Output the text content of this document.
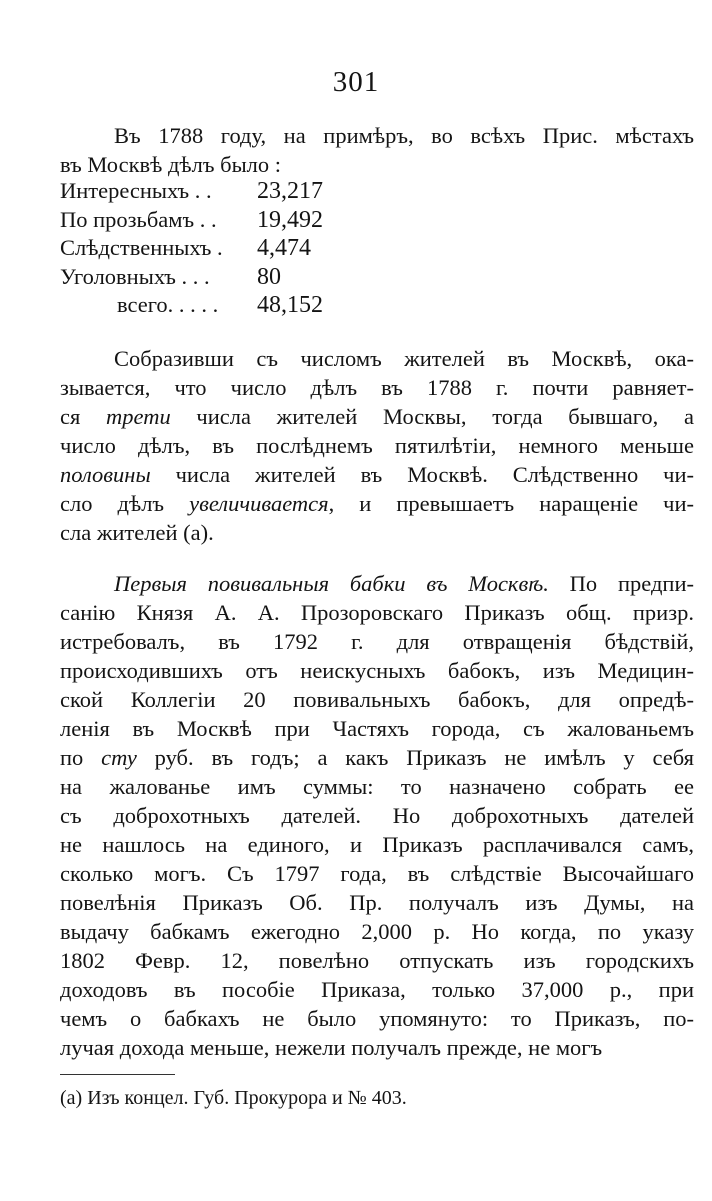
301
Въ 1788 году, на примѣръ, во всѣхъ Прис. мѣстахъ
въ Москвѣ дѣлъ было :
Интересныхъ . . 23,217
По прозьбамъ . . 19,492
Слѣдственныхъ . 4,474
Уголовныхъ . . . 80
всего. . . . . 48,152
Собразивши съ числомъ жителей въ Москвѣ, ока-
зывается, что число дѣлъ въ 1788 г. почти равняет-
ся трети числа жителей Москвы, тогда бывшаго, а
число дѣлъ, въ послѣднемъ пятилѣтіи, немного меньше
половины числа жителей въ Москвѣ. Слѣдственно чи-
сло дѣлъ увеличивается, и превышаетъ наращеніе чи-
сла жителей (а).
Первыя повивальныя бабки въ Москвѣ. По предпи-
санію Князя А. А. Прозоровскаго Приказъ общ. призр.
истребовалъ, въ 1792 г. для отвращенія бѣдствій,
происходившихъ отъ неискусныхъ бабокъ, изъ Медицин-
ской Коллегіи 20 повивальныхъ бабокъ, для опредѣ-
ленія въ Москвѣ при Частяхъ города, съ жалованьемъ
по сту руб. въ годъ; а какъ Приказъ не имѣлъ у себя
на жалованье имъ суммы: то назначено собрать ее
съ доброхотныхъ дателей. Но доброхотныхъ дателей
не нашлось на единого, и Приказъ расплачивался самъ,
сколько могъ. Съ 1797 года, въ слѣдствіе Высочайшаго
повелѣнія Приказъ Об. Пр. получалъ изъ Думы, на
выдачу бабкамъ ежегодно 2,000 р. Но когда, по указу
1802 Февр. 12, повелѣно отпускать изъ городскихъ
доходовъ въ пособіе Приказа, только 37,000 р., при
чемъ о бабкахъ не было упомянуто: то Приказъ, по-
лучая дохода меньше, нежели получалъ прежде, не могъ
(а) Изъ концел. Губ. Прокурора и № 403.
